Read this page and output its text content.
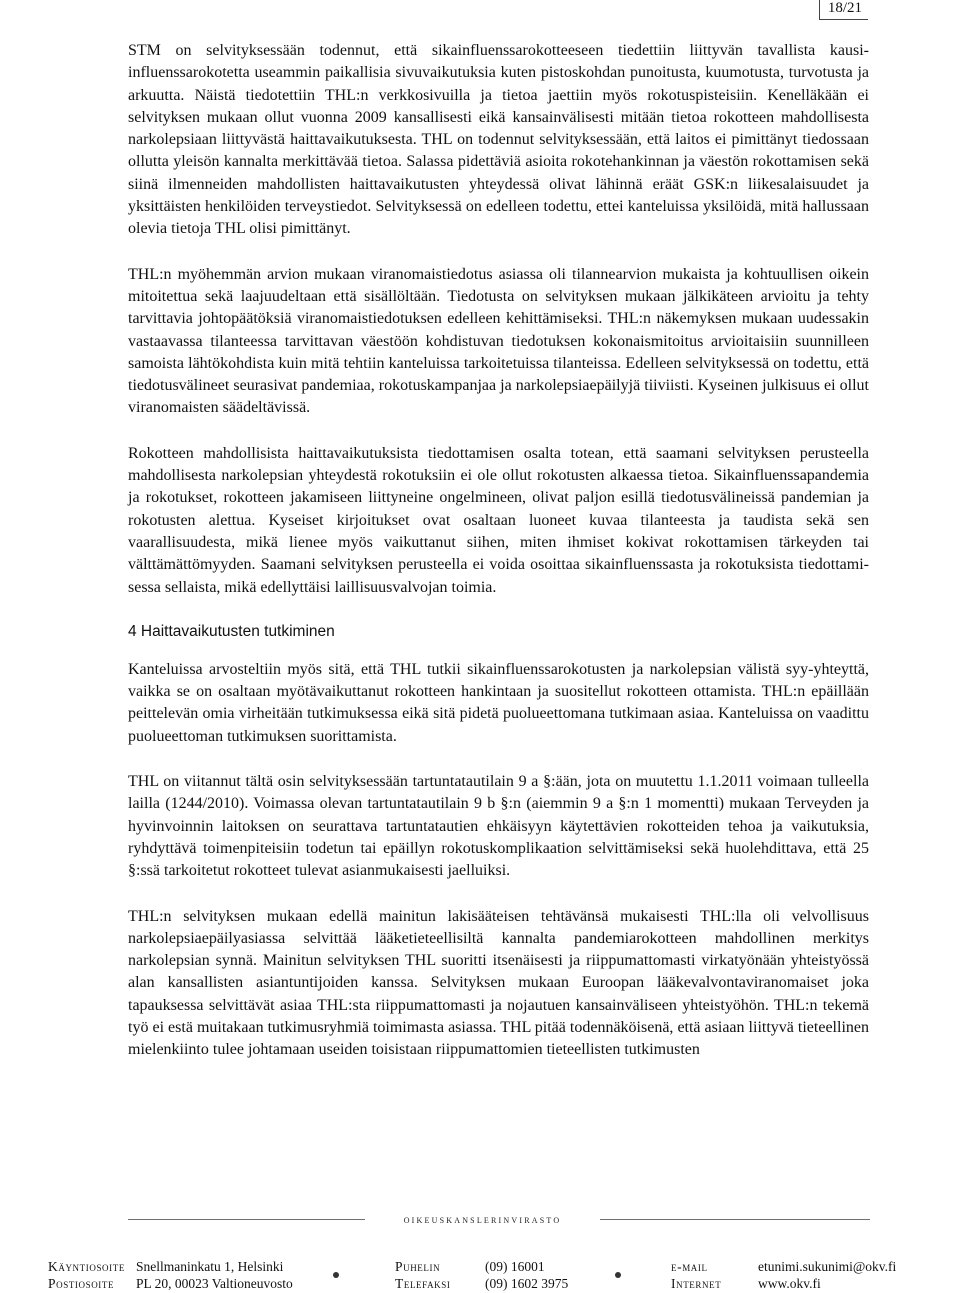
18/21

STM on selvityksessään todennut, että sikainfluenssarokotteeseen tiedettiin liittyvän tavallista kausi-influenssarokotetta useammin paikallisia sivuvaikutuksia kuten pistoskohdan punoitusta, kuumotusta, turvotusta ja arkuutta. Näistä tiedotettiin THL:n verkkosivuilla ja tietoa jaettiin myös rokotuspisteisiin. Kenelläkään ei selvityksen mukaan ollut vuonna 2009 kansallisesti eikä kansainvälisesti mitään tietoa rokotteen mahdollisesta narkolepsiaan liittyvästä haittavaikutuksesta. THL on todennut selvityksessään, että laitos ei pimittänyt tiedossaan ollutta yleisön kannalta merkittävää tietoa. Salassa pidettäviä asioita rokotehankinnan ja väestön rokottamisen sekä siinä ilmenneiden mahdollisten haittavaikutusten yhteydessä olivat lähinnä eräät GSK:n liikesalaisuudet ja yksittäisten henkilöiden terveystiedot. Selvityksessä on edelleen todettu, ettei kanteluissa yksilöidä, mitä hallussaan olevia tietoja THL olisi pimittänyt.

THL:n myöhemmän arvion mukaan viranomaistiedotus asiassa oli tilannearvion mukaista ja kohtuullisen oikein mitoitettua sekä laajuudeltaan että sisällöltään. Tiedotusta on selvityksen mukaan jälkikäteen arvioitu ja tehty tarvittavia johtopäätöksiä viranomaistiedotuksen edelleen kehittämiseksi. THL:n näkemyksen mukaan uudessakin vastaavassa tilanteessa tarvittavan väestöön kohdistuvan tiedotuksen kokonaismitoitus arvioitaisiin suunnilleen samoista lähtökohdista kuin mitä tehtiin kanteluissa tarkoitetuissa tilanteissa. Edelleen selvityksessä on todettu, että tiedotusvälineet seurasivat pandemiaa, rokotuskampanjaa ja narkolepsiaepäilyjä tiiviisti. Kyseinen julkisuus ei ollut viranomaisten säädeltävissä.

Rokotteen mahdollisista haittavaikutuksista tiedottamisen osalta totean, että saamani selvityksen perusteella mahdollisesta narkolepsian yhteydestä rokotuksiin ei ole ollut rokotusten alkaessa tietoa. Sikainfluenssapandemia ja rokotukset, rokotteen jakamiseen liittyneine ongelmineen, olivat paljon esillä tiedotusvälineissä pandemian ja rokotusten alettua. Kyseiset kirjoitukset ovat osaltaan luoneet kuvaa tilanteesta ja taudista sekä sen vaarallisuudesta, mikä lienee myös vaikuttanut siihen, miten ihmiset kokivat rokottamisen tärkeyden tai välttämättömyyden. Saamani selvityksen perusteella ei voida osoittaa sikainfluenssasta ja rokotuksista tiedottamisessa sellaista, mikä edellyttäisi laillisuusvalvojan toimia.

4 Haittavaikutusten tutkiminen

Kanteluissa arvosteltiin myös sitä, että THL tutkii sikainfluenssarokotusten ja narkolepsian välistä syy-yhteyttä, vaikka se on osaltaan myötävaikuttanut rokotteen hankintaan ja suositellut rokotteen ottamista. THL:n epäillään peittelevän omia virheitään tutkimuksessa eikä sitä pidetä puolueettomana tutkimaan asiaa. Kanteluissa on vaadittu puolueettoman tutkimuksen suorittamista.

THL on viitannut tältä osin selvityksessään tartuntatautilain 9 a §:ään, jota on muutettu 1.1.2011 voimaan tulleella lailla (1244/2010). Voimassa olevan tartuntatautilain 9 b §:n (aiemmin 9 a §:n 1 momentti) mukaan Terveyden ja hyvinvoinnin laitoksen on seurattava tartuntatautien ehkäisyyn käytettävien rokotteiden tehoa ja vaikutuksia, ryhdyttävä toimenpiteisiin todetun tai epäillyn rokotuskomplikaation selvittämiseksi sekä huolehdittava, että 25 §:ssä tarkoitetut rokotteet tulevat asianmukaisesti jaelluiksi.

THL:n selvityksen mukaan edellä mainitun lakisääteisen tehtävänsä mukaisesti THL:lla oli velvollisuus narkolepsiaepäilyasiassa selvittää lääketieteellisiltä kannalta pandemiarokotteen mahdollinen merkitys narkolepsian synnä. Mainitun selvityksen THL suoritti itsenäisesti ja riippumattomasti virkatyönään yhteistyössä alan kansallisten asiantuntijoiden kanssa. Selvityksen mukaan Euroopan lääkevalvontaviranomaiset joka tapauksessa selvittävät asiaa THL:sta riippumattomasti ja nojautuen kansainväliseen yhteistyöhön. THL:n tekemä työ ei estä muitakaan tutkimusryhmiä toimimasta asiassa. THL pitää todennäköisenä, että asiaan liittyvä tieteellinen mielenkiinto tulee johtamaan useiden toisistaan riippumattomien tieteellisten tutkimusten

oikeuskanslerinvirasto
Käyntiosoite Snellmaninkatu 1, Helsinki	Puhelin	(09) 16001	e-mail	etunimi.sukunimi@okv.fi
Postiosoite PL 20, 00023 Valtioneuvosto	Telefaksi	(09) 1602 3975	Internet	www.okv.fi
